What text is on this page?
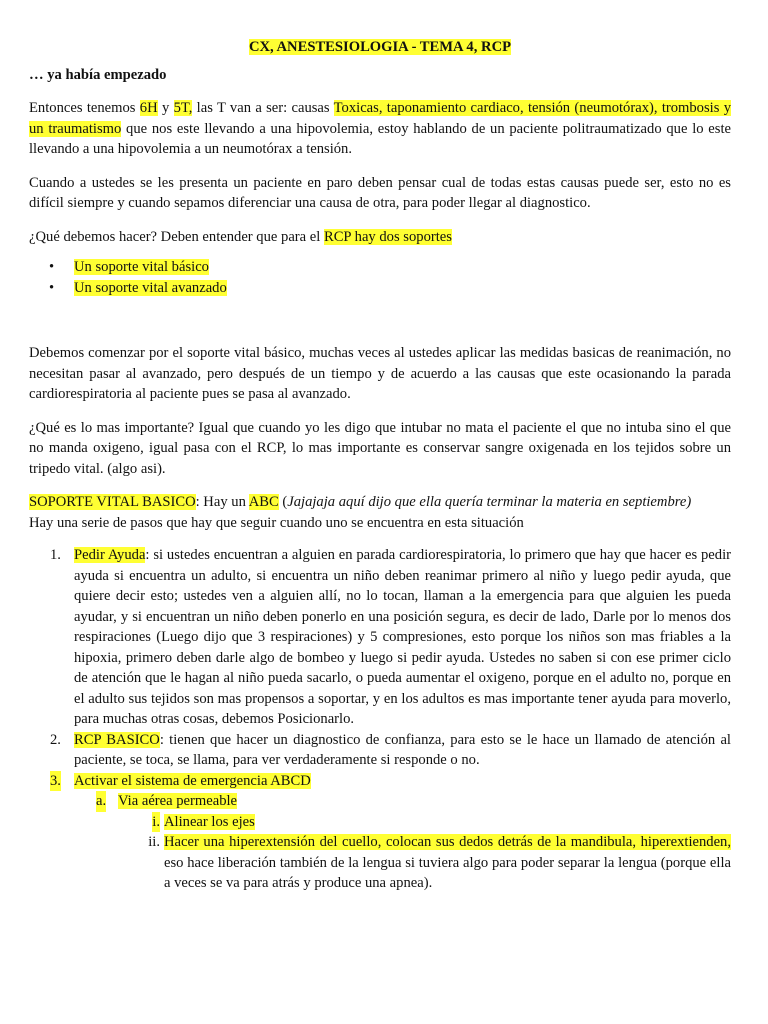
CX, ANESTESIOLOGIA - TEMA 4, RCP
… ya había empezado
Entonces tenemos 6H y 5T, las T van a ser: causas Toxicas, taponamiento cardiaco, tensión (neumotórax), trombosis y un traumatismo que nos este llevando a una hipovolemia, estoy hablando de un paciente politraumatizado que lo este llevando a una hipovolemia a un neumotórax a tensión.
Cuando a ustedes se les presenta un paciente en paro deben pensar cual de todas estas causas puede ser, esto no es difícil siempre y cuando sepamos diferenciar una causa de otra, para poder llegar al diagnostico.
¿Qué debemos hacer? Deben entender que para el RCP hay dos soportes
• Un soporte vital básico
• Un soporte vital avanzado
Debemos comenzar por el soporte vital básico, muchas veces al ustedes aplicar las medidas basicas de reanimación, no necesitan pasar al avanzado, pero después de un tiempo y de acuerdo a las causas que este ocasionando la parada cardiorespiratoria al paciente pues se pasa al avanzado.
¿Qué es lo mas importante? Igual que cuando yo les digo que intubar no mata el paciente el que no intuba sino el que no manda oxigeno, igual pasa con el RCP, lo mas importante es conservar sangre oxigenada en los tejidos sobre un tripedo vital. (algo asi).
SOPORTE VITAL BASICO: Hay un ABC (Jajajaja aquí dijo que ella quería terminar la materia en septiembre)
Hay una serie de pasos que hay que seguir cuando uno se encuentra en esta situación
1. Pedir Ayuda: si ustedes encuentran a alguien en parada cardiorespiratoria, lo primero que hay que hacer es pedir ayuda si encuentra un adulto, si encuentra un niño deben reanimar primero al niño y luego pedir ayuda, que quiere decir esto; ustedes ven a alguien allí, no lo tocan, llaman a la emergencia para que alguien les pueda ayudar, y si encuentran un niño deben ponerlo en una posición segura, es decir de lado, Darle por lo menos dos respiraciones (Luego dijo que 3 respiraciones) y 5 compresiones, esto porque los niños son mas friables a la hipoxia, primero deben darle algo de bombeo y luego si pedir ayuda. Ustedes no saben si con ese primer ciclo de atención que le hagan al niño pueda sacarlo, o pueda aumentar el oxigeno, porque en el adulto no, porque en el adulto sus tejidos son mas propensos a soportar, y en los adultos es mas importante tener ayuda para moverlo, para muchas otras cosas, debemos Posicionarlo.
2. RCP BASICO: tienen que hacer un diagnostico de confianza, para esto se le hace un llamado de atención al paciente, se toca, se llama, para ver verdaderamente si responde o no.
3. Activar el sistema de emergencia ABCD
a. Via aérea permeable
i. Alinear los ejes
ii. Hacer una hiperextensión del cuello, colocan sus dedos detrás de la mandibula, hiperextienden, eso hace liberación también de la lengua si tuviera algo para poder separar la lengua (porque ella a veces se va para atrás y produce una apnea).
